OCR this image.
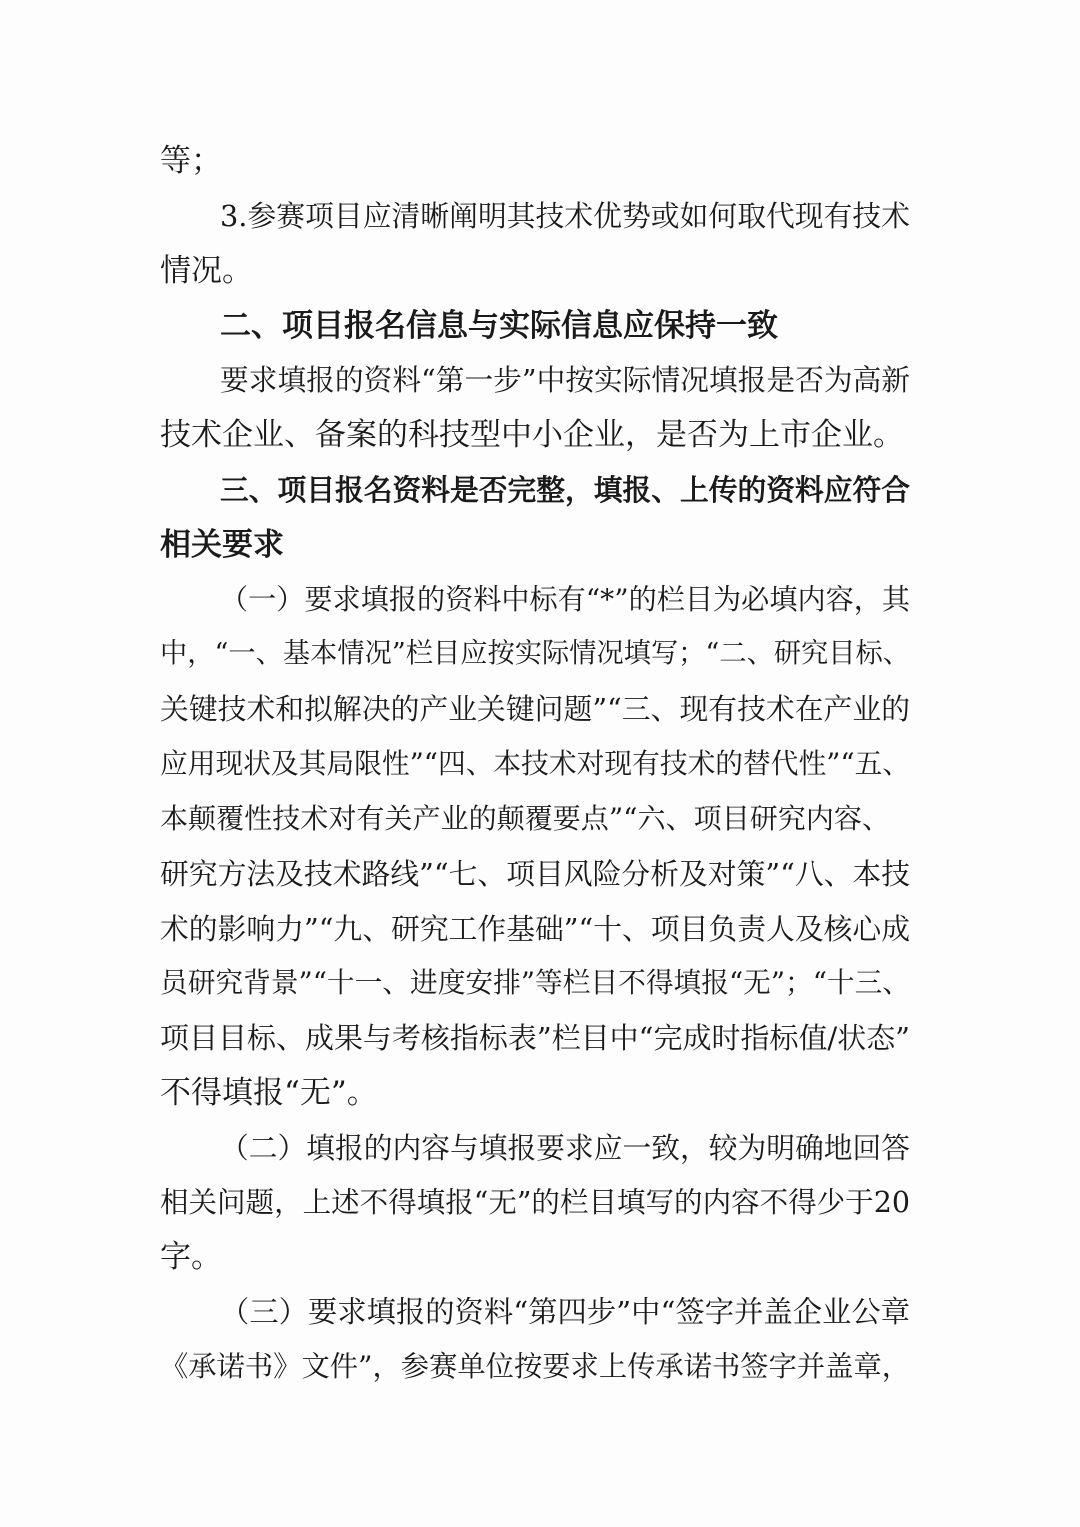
等；
3.参赛项目应清晰阐明其技术优势或如何取代现有技术
情况。
二、项目报名信息与实际信息应保持一致
要求填报的资料“第一步”中按实际情况填报是否为高新
技术企业、备案的科技型中小企业，是否为上市企业。
三、项目报名资料是否完整，填报、上传的资料应符合
相关要求
（一）要求填报的资料中标有“*”的栏目为必填内容，其
中，“一、基本情况”栏目应按实际情况填写；“二、研究目标、
关键技术和拟解决的产业关键问题”“三、现有技术在产业的
应用现状及其局限性”“四、本技术对现有技术的替代性”“五、
本颠覆性技术对有关产业的颠覆要点”“六、项目研究内容、
研究方法及技术路线”“七、项目风险分析及对策”“八、本技
术的影响力”“九、研究工作基础”“十、项目负责人及核心成
员研究背景”“十一、进度安排”等栏目不得填报“无”；“十三、
项目目标、成果与考核指标表”栏目中“完成时指标值/状态”
不得填报“无”。
（二）填报的内容与填报要求应一致，较为明确地回答
相关问题，上述不得填报“无”的栏目填写的内容不得少于20
字。
（三）要求填报的资料“第四步”中“签字并盖企业公章
《承诺书》文件”，参赛单位按要求上传承诺书签字并盖章，
